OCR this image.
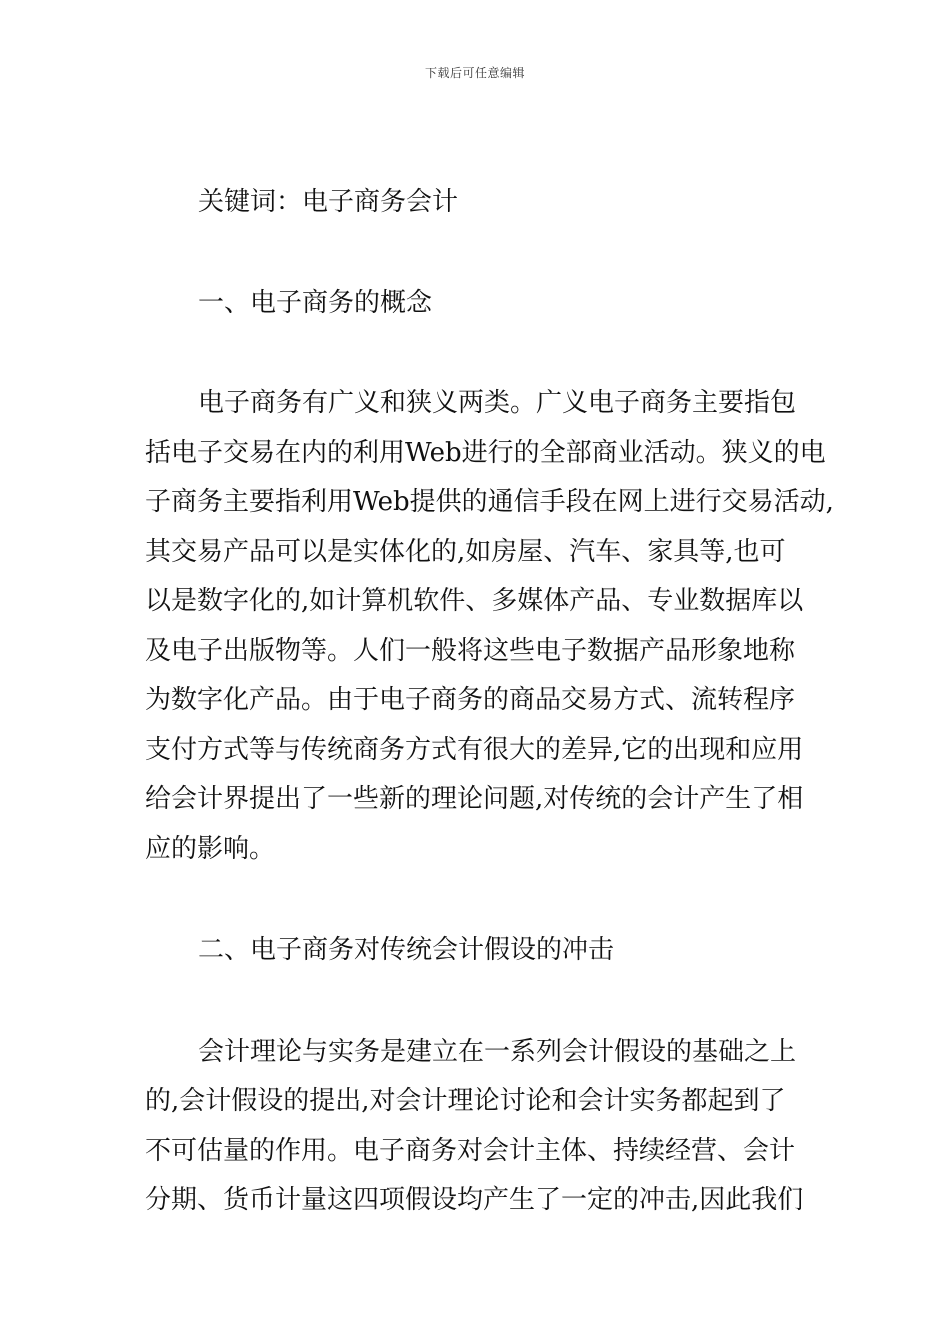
下载后可任意编辑

关键词：电子商务会计

一、电子商务的概念

电子商务有广义和狭义两类。广义电子商务主要指包

括电子交易在内的利用Web进行的全部商业活动。狭义的电

子商务主要指利用Web提供的通信手段在网上进行交易活动,

其交易产品可以是实体化的,如房屋、汽车、家具等,也可

以是数字化的,如计算机软件、多媒体产品、专业数据库以

及电子出版物等。人们一般将这些电子数据产品形象地称

为数字化产品。由于电子商务的商品交易方式、流转程序

支付方式等与传统商务方式有很大的差异,它的出现和应用

给会计界提出了一些新的理论问题,对传统的会计产生了相

应的影响。

二、电子商务对传统会计假设的冲击

会计理论与实务是建立在一系列会计假设的基础之上

的,会计假设的提出,对会计理论讨论和会计实务都起到了

不可估量的作用。电子商务对会计主体、持续经营、会计

分期、货币计量这四项假设均产生了一定的冲击,因此我们
